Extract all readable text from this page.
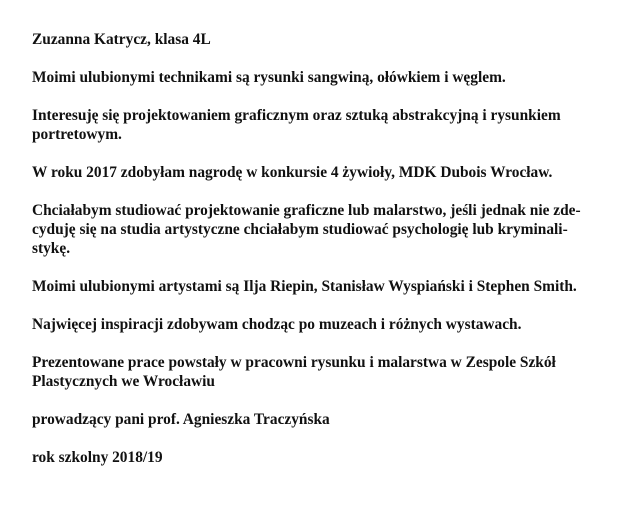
Zuzanna Katrycz, klasa 4L
Moimi ulubionymi technikami są rysunki sangwiną, ołówkiem i węglem.
Interesuję się projektowaniem graficznym oraz sztuką abstrakcyjną i rysunkiem
portretowym.
W roku 2017 zdobyłam nagrodę w konkursie 4 żywioły, MDK Dubois Wrocław.
Chciałabym studiować projektowanie graficzne lub malarstwo, jeśli jednak nie zde-
cyduję się na studia artystyczne chciałabym studiować psychologię lub kryminali-
stykę.
Moimi ulubionymi artystami są Ilja Riepin, Stanisław Wyspiański i Stephen Smith.
Najwięcej inspiracji zdobywam chodząc po muzeach i różnych wystawach.
Prezentowane prace powstały w pracowni rysunku i malarstwa w Zespole Szkół
Plastycznych we Wrocławiu
prowadzący pani prof. Agnieszka Traczyńska
rok szkolny 2018/19
